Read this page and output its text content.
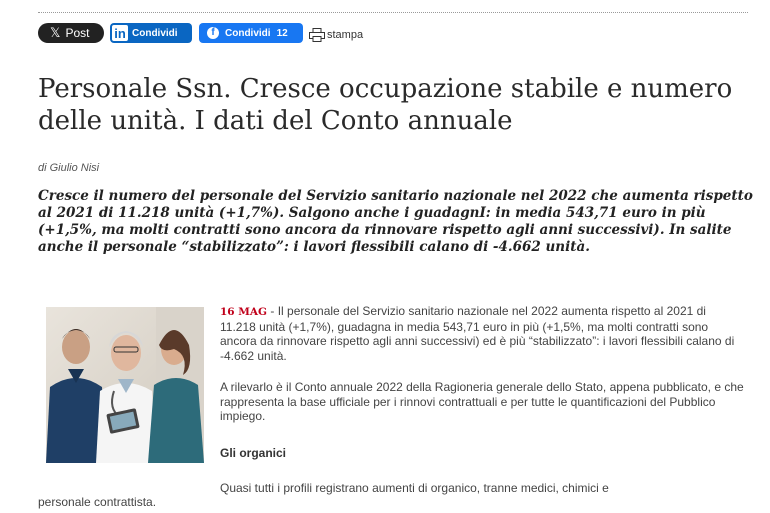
𝕏 Post in Condividi	f	Condividi 12	stampa
Personale Ssn. Cresce occupazione stabile e numero delle unità. I dati del Conto annuale
di Giulio Nisi

Cresce il numero del personale del Servizio sanitario nazionale nel 2022 che aumenta rispetto al 2021 di 11.218 unità (+1,7%). Salgono anche i guadagnI: in media 543,71 euro in più (+1,5%, ma molti contratti sono ancora da rinnovare rispetto agli anni successivi). In salite anche il personale “stabilizzato”: i lavori flessibili calano di -4.662 unità.

16 MAG - Il personale del Servizio sanitario nazionale nel 2022 aumenta rispetto al 2021 di 11.218 unità (+1,7%), guadagna in media 543,71 euro in più (+1,5%, ma molti contratti sono ancora da rinnovare rispetto agli anni successivi) ed è più “stabilizzato”: i lavori flessibili calano di -4.662 unità.

A rilevarlo è il Conto annuale 2022 della Ragioneria generale dello Stato, appena pubblicato, e che rappresenta la base ufficiale per i rinnovi contrattuali e per tutte le quantificazioni del Pubblico impiego.

Gli organici
Quasi tutti i profili registrano aumenti di organico, tranne medici, chimici e
personale contrattista.
